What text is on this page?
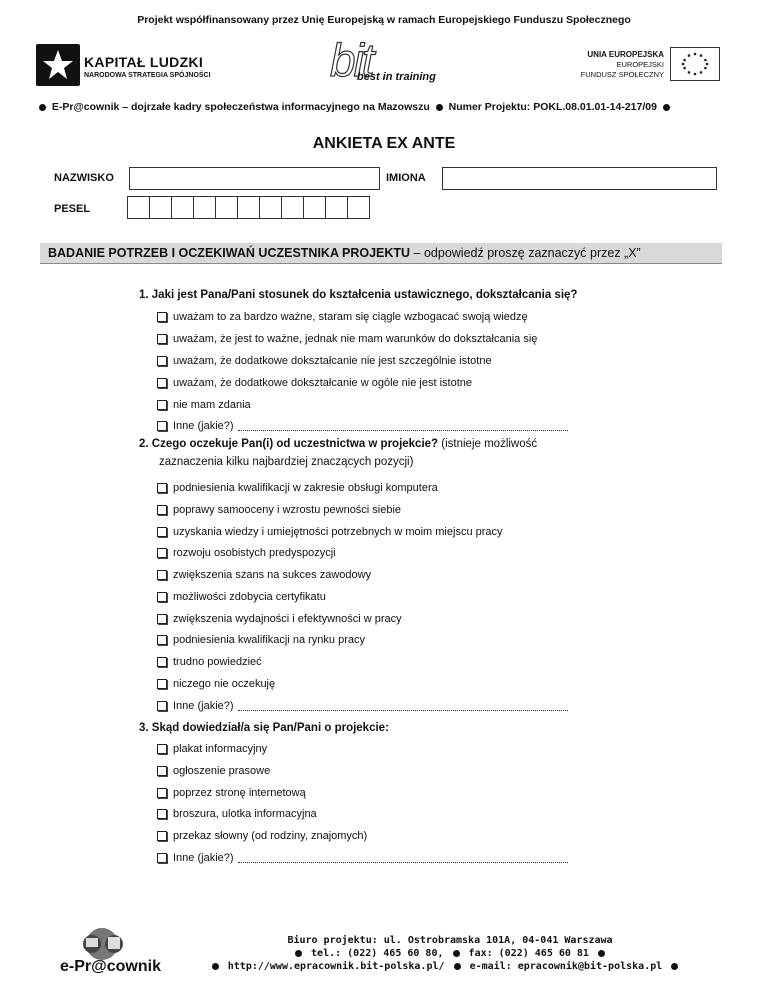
Projekt współfinansowany przez Unię Europejską w ramach Europejskiego Funduszu Społecznego
KAPITAŁ LUDZKI
NARODOWA STRATEGIA SPÓJNOŚCI	bit
best in training
UNIA EUROPEJSKA
EUROPEJSKI
FUNDUSZ SPOŁECZNY
E-Pr@cownik – dojrzałe kadry społeczeństwa informacyjnego na Mazowszu Numer Projektu: POKL.08.01.01-14-217/09
ANKIETA EX ANTE
NAZWISKO	IMIONA
PESEL
BADANIE POTRZEB I OCZEKIWAŃ UCZESTNIKA PROJEKTU – odpowiedź proszę zaznaczyć przez „X”
1. Jaki jest Pana/Pani stosunek do kształcenia ustawicznego, dokształcania się?
uważam to za bardzo ważne, staram się ciągle wzbogacać swoją wiedzę
uważam, że jest to ważne, jednak nie mam warunków do dokształcania się
uważam, że dodatkowe dokształcanie nie jest szczególnie istotne
uważam, że dodatkowe dokształcanie w ogóle nie jest istotne
nie mam zdania
Inne (jakie?)
2. Czego oczekuje Pan(i) od uczestnictwa w projekcie? (istnieje możliwość
zaznaczenia kilku najbardziej znaczących pozycji)
podniesienia kwalifikacji w zakresie obsługi komputera
poprawy samooceny i wzrostu pewności siebie
uzyskania wiedzy i umiejętności potrzebnych w moim miejscu pracy
rozwoju osobistych predyspozycji
zwiększenia szans na sukces zawodowy
możliwości zdobycia certyfikatu
zwiększenia wydajności i efektywności w pracy
podniesienia kwalifikacji na rynku pracy
trudno powiedzieć
niczego nie oczekuję
Inne (jakie?)
3. Skąd dowiedział/a się Pan/Pani o projekcie:
plakat informacyjny
ogłoszenie prasowe
poprzez stronę internetową
broszura, ulotka informacyjna
przekaz słowny (od rodziny, znajomych)
Inne (jakie?)
e-Pr@cownik
Biuro projektu: ul. Ostrobramska 101A, 04-041 Warszawa
tel.: (022) 465 60 80,	fax: (022) 465 60 81
http://www.epracownik.bit-polska.pl/	e-mail: epracownik@bit-polska.pl
